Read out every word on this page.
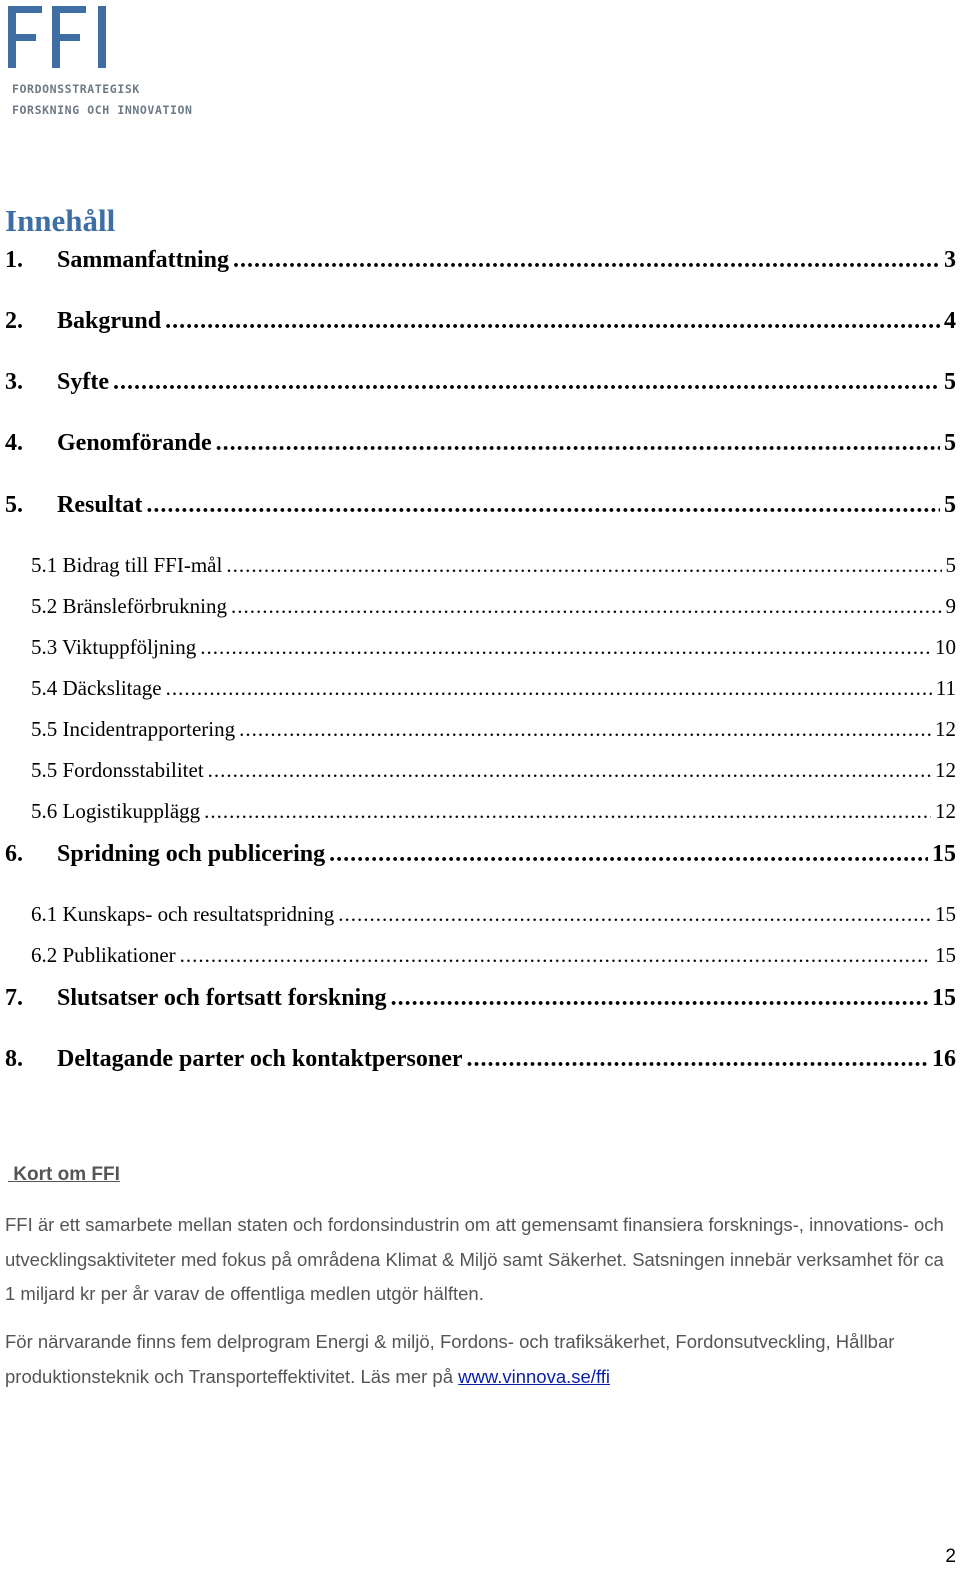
FORDONSSTRATEGISK
FORSKNING OCH INNOVATION
Innehåll
1.	Sammanfattning .....	3
2.	Bakgrund .....	4
3.	Syfte .....	5
4.	Genomförande .....	5
5.	Resultat .....	5
5.1 Bidrag till FFI-mål .....	5
5.2 Bränsleförbrukning .....	9
5.3 Viktuppföljning .....	10
5.4 Däckslitage .....	11
5.5 Incidentrapportering .....	12
5.5 Fordonsstabilitet .....	12
5.6 Logistikupplägg .....	12
6.	Spridning och publicering .....	15
6.1 Kunskaps- och resultatspridning .....	15
6.2 Publikationer .....	15
7.	Slutsatser och fortsatt forskning .....	15
8.	Deltagande parter och kontaktpersoner .....	16
Kort om FFI

FFI är ett samarbete mellan staten och fordonsindustrin om att gemensamt finansiera forsknings-, innovations- och utvecklingsaktiviteter med fokus på områdena Klimat & Miljö samt Säkerhet. Satsningen innebär verksamhet för ca 1 miljard kr per år varav de offentliga medlen utgör hälften.

För närvarande finns fem delprogram Energi & miljö, Fordons- och trafiksäkerhet, Fordonsutveckling, Hållbar produktionsteknik och Transporteffektivitet. Läs mer på www.vinnova.se/ffi

2
